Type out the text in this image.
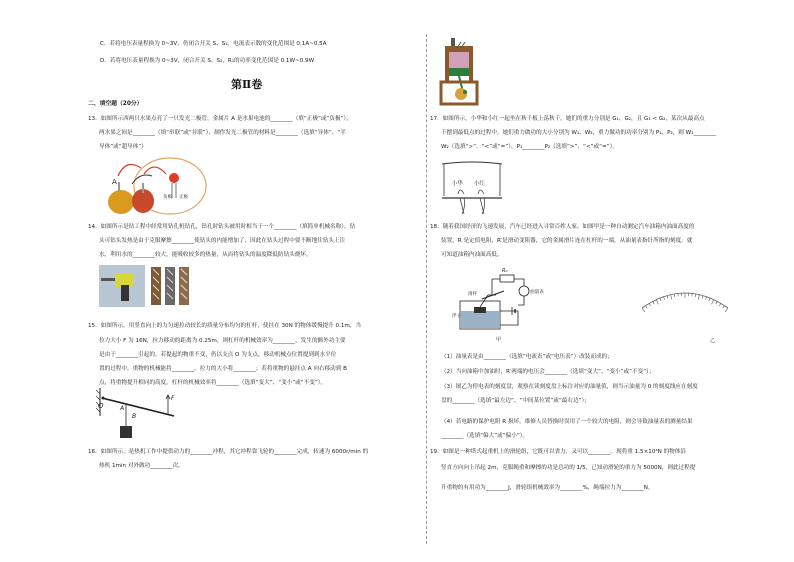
C．若将电压表量程换为 0~3V，仍闭合开关 S、S₁，电流表示数的变化范围是 0.1A~0.5A
D．若将电压表量程换为 0~3V，闭合开关 S、S₂，R₁的功率变化范围是 0.1W~0.9W
第Ⅱ卷
二、填空题（20分）
13．如图所示西两只水果点亮了一只发光二极管，金属片 A 是水果电池的________（填“正极”或“负极”），
两水果之间是________（填“串联”或“并联”），制作发光二极管的材料是________（选填“导体”、“半
导体”或“超导体”）
A
负极 正极
14．如图所示是钻工程中经常用钻孔机钻孔，钻孔时钻头被用时相当于一个________（填简单机械名称），钻
头可钻头发热是由于克服摩擦________使钻头的内能增加了，因此在钻头过程中要不断地往钻头上注
水，利用水的________较大，能吸收较多的热量，从而将钻头的温度降低防钻头烧坏。
15．如图所示，用竖直向上的力匀速拉动较长的质量分布均匀的杠杆，使挂在 30N 的物体缓慢提升 0.1m，当
拉力大小 F 为 16N，拉力移动的距离为 0.25m，则杠杆的机械效率为________，发生的额外功主要
是由于________引起的。若提起的物重不变，仍以支点 O 为支点，移动机械点位置提到到水平位
置的过程中，重物的机械能将________，拉力的大小将________；若将重物的悬挂点 A 向右移动到 B
点，将重物提升相同的高度，杠杆的机械效率将________（选填“变大”、“变小”或“不变”）。
O	A
B
F
16．如图所示，是热机工作中提供动力的________冲程，其它冲程靠飞轮的________完成，转速为 6000r/min 的
热机 1min 对外做功________次。
17．如图所示，小华和小红一起坐在秋千板上荡秋千，她们的重力分别是 G₁、G₂，且 G₁ < G₂，某次从最高点
下摆到最低点的过程中，她们重力做功的大小分别为 W₁、W₂，重力做功的功率分别为 P₁、P₂，则 W₁________
W₂（选填“>”、“<”或“=”），P₁________P₂（选填“>”、“<”或“=”）。
小华 小红
18．随着我国经济的飞速发展，汽车已经进入寻常百姓人家。如图甲是一种自动测定汽车油箱内油面高度的
装置，R 是定值电阻，R′是滑动变阻器，它的金属滑片连在杠杆的一端，从油量表指针所指的刻度，就
可知道油箱内油面高低。
R₀
油量表
浮子
滑杆
甲	乙
（1）油量表是由________（选填“电流表”或“电压表”）改装而成的；
（2）当向油箱中加油时，R′两端的电压会________（选填“变大”、“变小”或“不变”）；
（3）图乙为停电表的刻度盘，观察在读刻度盘上标注对应的油量值，则当示油量为 0 的刻度线应在刻度
盘的________（选填“最左边”、“中间某位置”或“最右边”）；
（4）若电路的保护电阻 R 损坏，维修人员替换时误用了一个较大的电阻，则会导致油量表的测量结果
________（选填“偏大”或“偏小”）。
19．如图是一种塔式起重机上的滑轮组，它既可以省力，又可以________。现将重 1.5×10⁴N 的物体沿
竖直方向向上吊起 2m，克服绳重和摩擦的功是总功的 1/5，已知动滑轮的重力为 5000N，则此过程提
升重物的有用功为________J，滑轮组机械效率为________%，绳端拉力为________N。
